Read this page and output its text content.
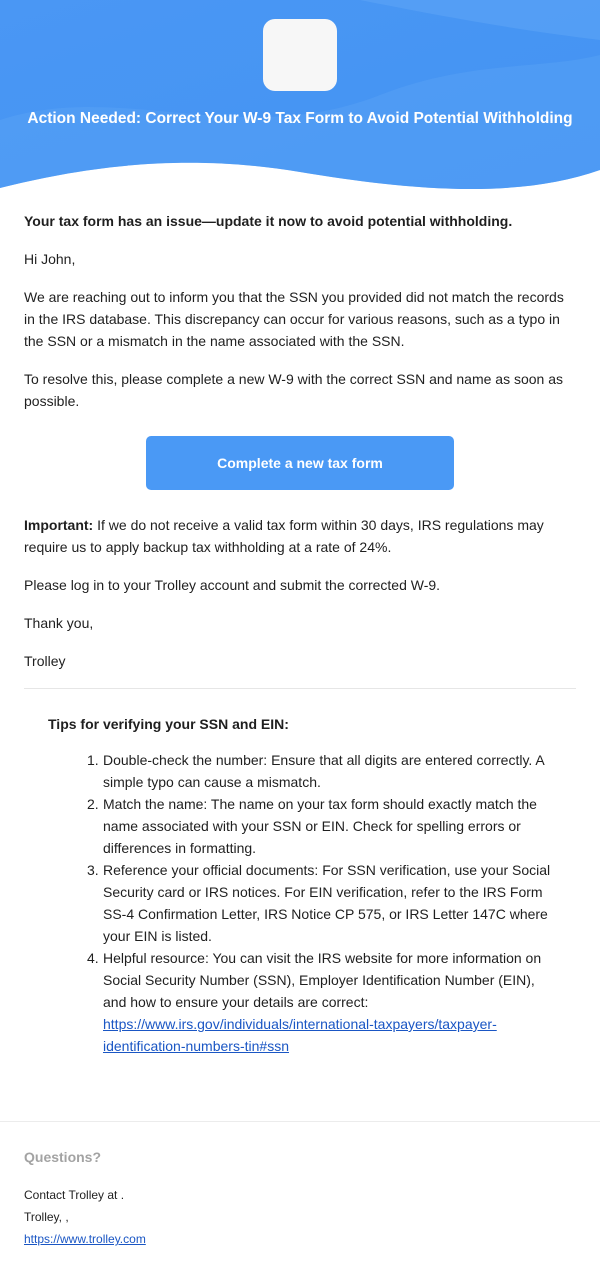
Action Needed: Correct Your W-9 Tax Form to Avoid Potential Withholding
Your tax form has an issue—update it now to avoid potential withholding.
Hi John,
We are reaching out to inform you that the SSN you provided did not match the records in the IRS database. This discrepancy can occur for various reasons, such as a typo in the SSN or a mismatch in the name associated with the SSN.
To resolve this, please complete a new W-9 with the correct SSN and name as soon as possible.
Complete a new tax form
Important: If we do not receive a valid tax form within 30 days, IRS regulations may require us to apply backup tax withholding at a rate of 24%.
Please log in to your Trolley account and submit the corrected W-9.
Thank you,
Trolley
Tips for verifying your SSN and EIN:
1. Double-check the number: Ensure that all digits are entered correctly. A simple typo can cause a mismatch.
2. Match the name: The name on your tax form should exactly match the name associated with your SSN or EIN. Check for spelling errors or differences in formatting.
3. Reference your official documents: For SSN verification, use your Social Security card or IRS notices. For EIN verification, refer to the IRS Form SS-4 Confirmation Letter, IRS Notice CP 575, or IRS Letter 147C where your EIN is listed.
4. Helpful resource: You can visit the IRS website for more information on Social Security Number (SSN), Employer Identification Number (EIN), and how to ensure your details are correct: https://www.irs.gov/individuals/international-taxpayers/taxpayer-identification-numbers-tin#ssn
Questions?
Contact Trolley at .
Trolley, ,
https://www.trolley.com
